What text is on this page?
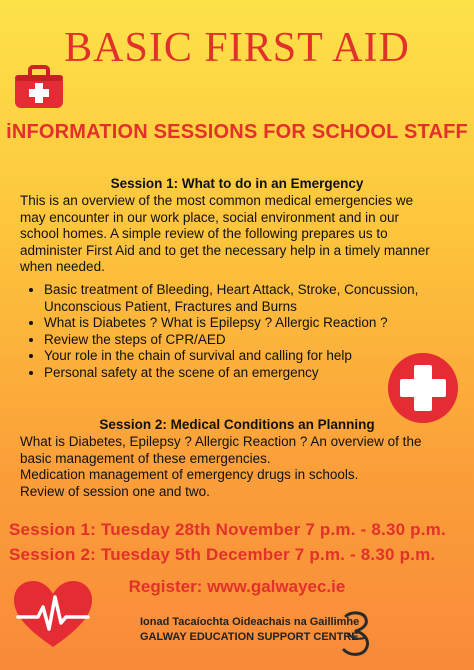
BASIC FIRST AID
iNFORMATION SESSIONS FOR SCHOOL STAFF
Session 1: What to do in an Emergency

This is an overview of the most common medical emergencies we

may encounter in our work place, social environment and in our

school homes. A simple review of the following prepares us to

administer First Aid and to get the necessary help in a timely manner

when needed.

• Basic treatment of Bleeding, Heart Attack, Stroke, Concussion, Unconscious Patient, Fractures and Burns
• What is Diabetes ? What is Epilepsy ? Allergic Reaction ?
• Review the steps of CPR/AED
• Your role in the chain of survival and calling for help
• Personal safety at the scene of an emergency
Session 2: Medical Conditions an Planning

What is Diabetes, Epilepsy ? Allergic Reaction ? An overview of the

basic management of these emergencies.

Medication management of emergency drugs in schools.

Review of session one and two.

Session 1: Tuesday 28th November 7 p.m. - 8.30 p.m.
Session 2: Tuesday 5th December 7 p.m. - 8.30 p.m.
Register: www.galwayec.ie
Ionad Tacaíochta Oideachais na Gaillimhe
GALWAY EDUCATION SUPPORT CENTRE
